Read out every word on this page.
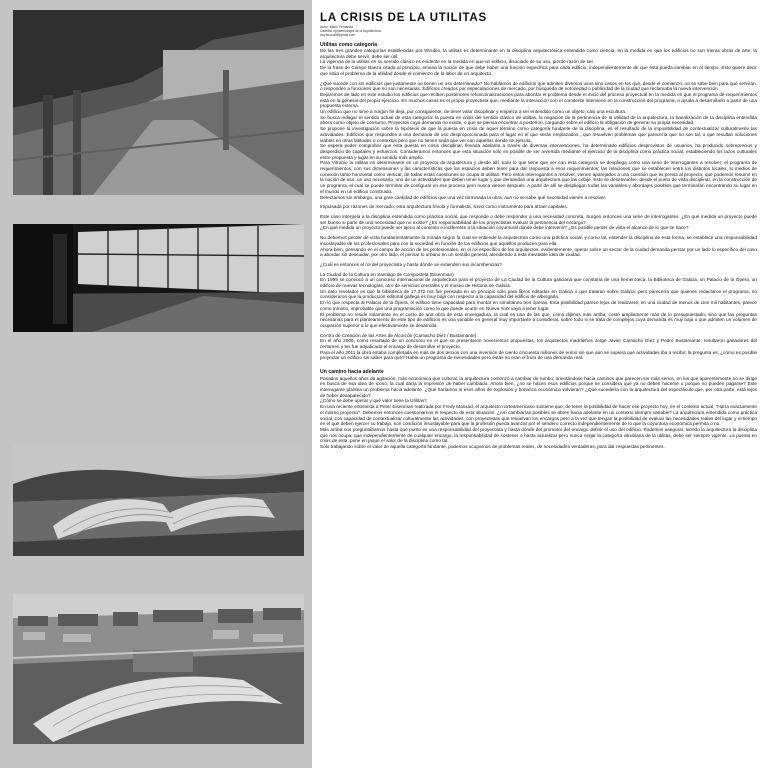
LA CRISIS DE LA UTILITAS
Autor: Mario Fernanda
Cátedra: epistemología de la Arquitectura.
arq.finosolit@gmail.com
Utilitas como categoría

De las tres grandes categorías establecidas por Vitrubio, la utilitas es determinante en la disciplina arquitectónica entendida como ciencia, en la medida en que los edificios no son meras obras de arte; la arquitectura debe servir, debe ser útil.

La vigencia de la utilitas en su sentido clásico es evidente en la medida en que un edificio, disociado de su uso, pierde razón de ser.

De la frase de Campo Baeza citada al principio, emana la noción de que debe haber una función específica para cada edificio, independientemente de que ésta pueda cambiar en el tiempo. Esto quiere decir que sitúa el problema de la utilidad desde el comienzo de la labor de un arquitecto.

¿Qué sucede con los edificios que justamente no tienen un uso determinado? No hablamos de edificios que admiten diversos usos sino casos en los que, desde el comienzo, no se sabe bien para qué servirán, o responden a funciones que no son necesarias. Edificios creados por especulaciones de mercado, por búsqueda de notoriedad o publicidad de la ciudad que reclamaba la nueva intervención.

Dejaremos de lado en este estudio los edificios que reciben posteriores refuncionalizaciones para abordar el problema desde el inicio del proceso proyectual en la medida en que el programa de requerimientos está en la génesis del propio ejercicio. En muchos casos es el propio proyectista que, mediante la interacción con el comitente interviene en la construcción del programa, o ayuda a desarrollarlo a partir de una propuesta externa.

Un edificio que no sirve a ningún fin deja, por consiguiente, de tener valor disciplinar y empieza a ser entendido como un objeto, casi una escultura.

Se busca indagar el sentido actual de esta categoría: la puesta en crisis del sentido clásico de utilitas, la negación de la pertinencia de la utilidad de la arquitectura, la banalización de la disciplina entendida ahora como objeto de consumo. Proyectos cuya demanda no existe, o que se piensa encontrar a posteriori, cargando sobre el edificio la obligación de generar su propia necesidad.

Se propone la investigación sobre la hipótesis de que la puesta en crisis de aquel término como categoría fundante de la disciplina, es el resultado de la imposibilidad de contextualizar culturalmente las actividades. Edificios que responden a una demanda de uso desproporcionada para el lugar en el que serán emplazados , que resuelven problemas que parecería que no son tal, o que resultan soluciones viables en otras latitudes o contextos pero que no tienen nada que ver con aquellos donde se ejecuta.

Se espera poder comprobar que esta puesta en crisis disciplinar, llevada adelante a través de diversas intervenciones, ha determinado edificios desprovistos de usuarios, ha producido sobreprecios y desperdicio de capitales y esfuerzos. Consideramos entonces que esta situación sólo es posible de ser revertida mediante el ejercicio de la disciplina como práctica social, estableciendo los lazos culturales entre propuesta y lugar en su sentido más amplio.

Para Vitrubio la utilitas es determinante en un proyecto de arquitectura y desde allí, todo lo que tiene que ver con esta categoría se despliega como una serie de interrogantes a resolver; el programa de requerimientos, con sus dimensiones y las características que los espacios deben tener para dar respuesta a esos requerimientos; las relaciones que se establecen entre los distintos locales, lo medios de conexión tanto horizontal como vertical, de todas estas cuestiones se ocupa la utilitas. Pero estos interrogantes a resolver, vienen aparejados a una cuestión que es previa al proyecto, que podemos resumir en la noción de uso: un uso necesario, uno de un actividades que deben tener lugar y que demandan una arquitectura que las cobije. Esto se desenvuelve, desde el punto de vista disciplinar, en la construcción de un programa, el cual se puede terminar de configurar en ese proceso pero nunca vienen después. A partir de allí se despliegan todas las variables y abordajes posibles que terminarán encontrando su lugar en el mundo en un edificio construido.

Detectamos sin embargo, una gran cantidad de edificios que una vez terminada la obra, aun no se sabe qué necesidad vienen a resolver.

Impulsada por razones de mercado, esta arquitectura frívola y formalista, sirvió como instrumento para atraer capitales.

Este caso interpela a la disciplina entendida como práctica social, que responde o debe responder a una necesidad concreta. Surgen entonces una serie de interrogantes. ¿En qué medida un proyecto puede ser bueno si parte de una necesidad que no existe? ¿Es responsabilidad de los proyectistas evaluar la pertinencia del encargo?

¿En qué medida un proyecto puede ser ajeno al contexto e indiferente a la situación coyuntural donde debe intervenir? ¿Es posible perder de vista el alcance de lo que se hace?

No debemos perder de vista fundamentalmente la mirada según la cual se entiende la arquitectura como una práctica social, y como tal, entender la disciplina de esta forma, se establece una responsabilidad insoslayable de los profesionales para con la sociedad en función de los edificios que aquellos producen para ella.

Ahora bien, pensando en el campo de acción de los profesionales, en el rol específico de los arquitectos, evidentemente, operar sobre un sector de la ciudad demanda pensar por un lado lo específico del caso a abordar sin descuidar, por otro lado, el pensar lo urbano en un sentido general, atendiendo a esta inevitable idea de ciudad.

¿Cuál es entonces el rol del proyectista y hasta dónde se extienden sus incumbencias?

La Ciudad de la Cultura en Santiago de Compostela (Eisenman)

En 1999 se convocó a un concurso internacional de arquitectura para el proyecto de La Ciudad de la Cultura galiciana que constaría de una hemeroteca, la Biblioteca de Galicia, un Palacio de la Ópera, un edificio de nuevas tecnologías, otro de servicios centrales y el museo de Historia de Galicia.

Un dato revelador es que la biblioteca de 17.372 m2 fue pensada en un principio sólo para libros editados en Galicia o que trataran sobre Galicia; pero parecería que quienes redactaron el programa, no consideraron que la producción editorial gallega es muy baja con respecto a la capacidad del edificio de albergarla.

En lo que respecta al Palacio de la Ópera, el edificio tiene capacidad para montar en simultáneo tres óperas. Esta posibilidad parece lejos de realizarse; en una ciudad de menos de cien mil habitantes, parece como mínimo, improbable que una programación como la que puede ocurrir en Nueva York vaya a tener lugar.

El problema no reside solamente en el costo de una obra de esta envergadura, la cual es una de las que, como dijimos más arriba, costó ampliamente más de lo presupuestado, sino que las preguntas necesarias para el planteamiento de este tipo de edificios es una variable en general muy importante a considerar, sobre todo si se trata de complejos cuya demanda es muy baja o que admiten un volumen de ocupación superior a lo que efectivamente se desarrolla.

Centro de Creación de las Artes de Alcorcón (Camacho Diez / Bustamante)

En el año 2005, como resultado de un concurso en el que se presentaron novecientos propuestas, los arquitectos madrileños Jorge Javier Camacho Díez y Pedro Bustamante, resultaron ganadores del certamen y les fue adjudicado el encargo de desarrollar el proyecto.

Para el año 2011 la obra estaba completada en más de dos tercios con una inversión de ciento cincuenta millones de euros sin que aún se supiera qué actividades iba a recibir; la pregunta es, ¿cómo es posible proyectar un edificio sin saber para qué? Habla un programa de necesidades pero éstas no eran el fruto de una demanda real.

Un camino hacia adelante

Pasados aquellos años de agitación, más económica que cultural, la arquitectura comenzó a cambiar de rumbo; orientándose hacia caminos que parecen ser más serios, en los que aparentemente no se dirige en busca de esa idea de icono, la cual daría la impresión de haber cambiado. Ahora bien, ¿no se hacen esos edificios porque se considera que ya no deben hacerse o porque no pueden pagarse? Este interrogante plantea un problema hacia adelante. ¿Qué haríamos si esos años de explosión y bonanza económica volvieran? ¿Qué sucedería con la arquitectura del espectáculo que, por otra parte, está lejos de haber desaparecido?

¿Cómo se debe operar y qué valor tiene la Utilitas?

En una reciente entrevista a Peter Eisenman realizada por Fredy Massad, el arquitecto norteamericano sostiene que, de tener la posibilidad de hacer ese proyecto hoy, en el contexto actual, "Haría exactamente el mismo proyecto". Debemos entonces cuestionarnos el respecto de esta situación. ¿Así cambiarían posibles se abren hacia adelante en un contexto siempre variable? La arquitectura entendida como práctica social, con capacidad de contextualizar culturalmente las actividades, con proyectistas que resuelvan los encargos pero a la vez que tengan la posibilidad de evaluar las necesidades reales del lugar y el tiempo en el que deben ejercer su trabajo, son condición insoslayable para que la profesión pueda avanzar por el sendero correcto independientemente de lo que la coyuntura económica permita o no.

Más arriba nos preguntábamos hasta qué punto es una responsabilidad del proyectista y hasta dónde del promotor del encargo definir el uso del edificio. Podemos asegurar, siendo la arquitectura la disciplina que nos ocupa, que independientemente de cualquier encargo, la responsabilidad de sostener o hasta actualizar pero nunca negar la categoría vitrubiana de la utilitas, debe ser siempre vigente. La puesta en crisis de esta, pone en jaque el valor de la disciplina como tal.

Sólo trabajando sobre el valor de aquella categoría fundante, podemos ocuparnos de problemas reales, de necesidades verdaderas, para dar respuestas pertinentes.
